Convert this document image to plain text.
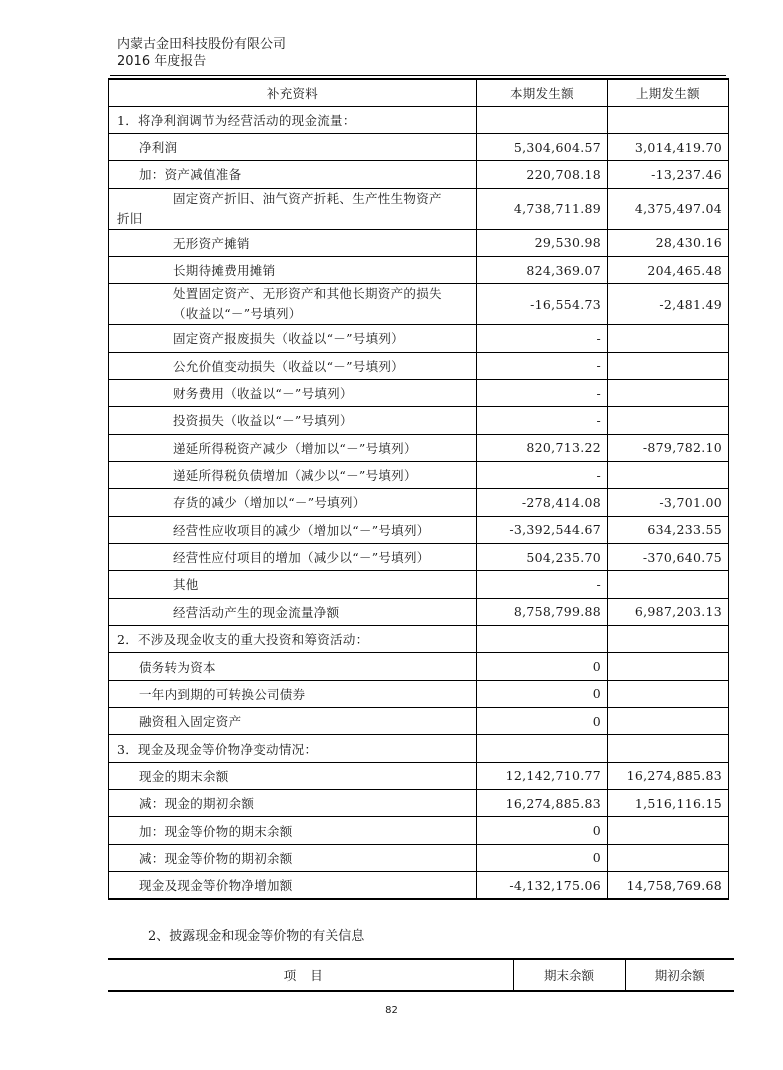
内蒙古金田科技股份有限公司
2016 年度报告
补充资料	本期发生额	上期发生额
1．将净利润调节为经营活动的现金流量：		
净利润	5,304,604.57	3,014,419.70
加：资产减值准备	220,708.18	-13,237.46

固定资产折旧、油气资产折耗、生产性生物资产
折旧	4,738,711.89	4,375,497.04
无形资产摊销	29,530.98	28,430.16
长期待摊费用摊销	824,369.07	204,465.48

处置固定资产、无形资产和其他长期资产的损失
（收益以“－”号填列）	-16,554.73	-2,481.49
固定资产报废损失（收益以“－”号填列）	-	
公允价值变动损失（收益以“－”号填列）	-	
财务费用（收益以“－”号填列）	-	
投资损失（收益以“－”号填列）	-	
递延所得税资产减少（增加以“－”号填列）	820,713.22	-879,782.10
递延所得税负债增加（减少以“－”号填列）	-	
存货的减少（增加以“－”号填列）	-278,414.08	-3,701.00
经营性应收项目的减少（增加以“－”号填列）	-3,392,544.67	634,233.55
经营性应付项目的增加（减少以“－”号填列）	504,235.70	-370,640.75
其他	-	
经营活动产生的现金流量净额	8,758,799.88	6,987,203.13
2．不涉及现金收支的重大投资和筹资活动：		
债务转为资本	0	
一年内到期的可转换公司债券	0	
融资租入固定资产	0	
3．现金及现金等价物净变动情况：		
现金的期末余额	12,142,710.77	16,274,885.83
减：现金的期初余额	16,274,885.83	1,516,116.15
加：现金等价物的期末余额	0	
减：现金等价物的期初余额	0	
现金及现金等价物净增加额	-4,132,175.06	14,758,769.68
2、披露现金和现金等价物的有关信息
项目	期末余额	期初余额
82
